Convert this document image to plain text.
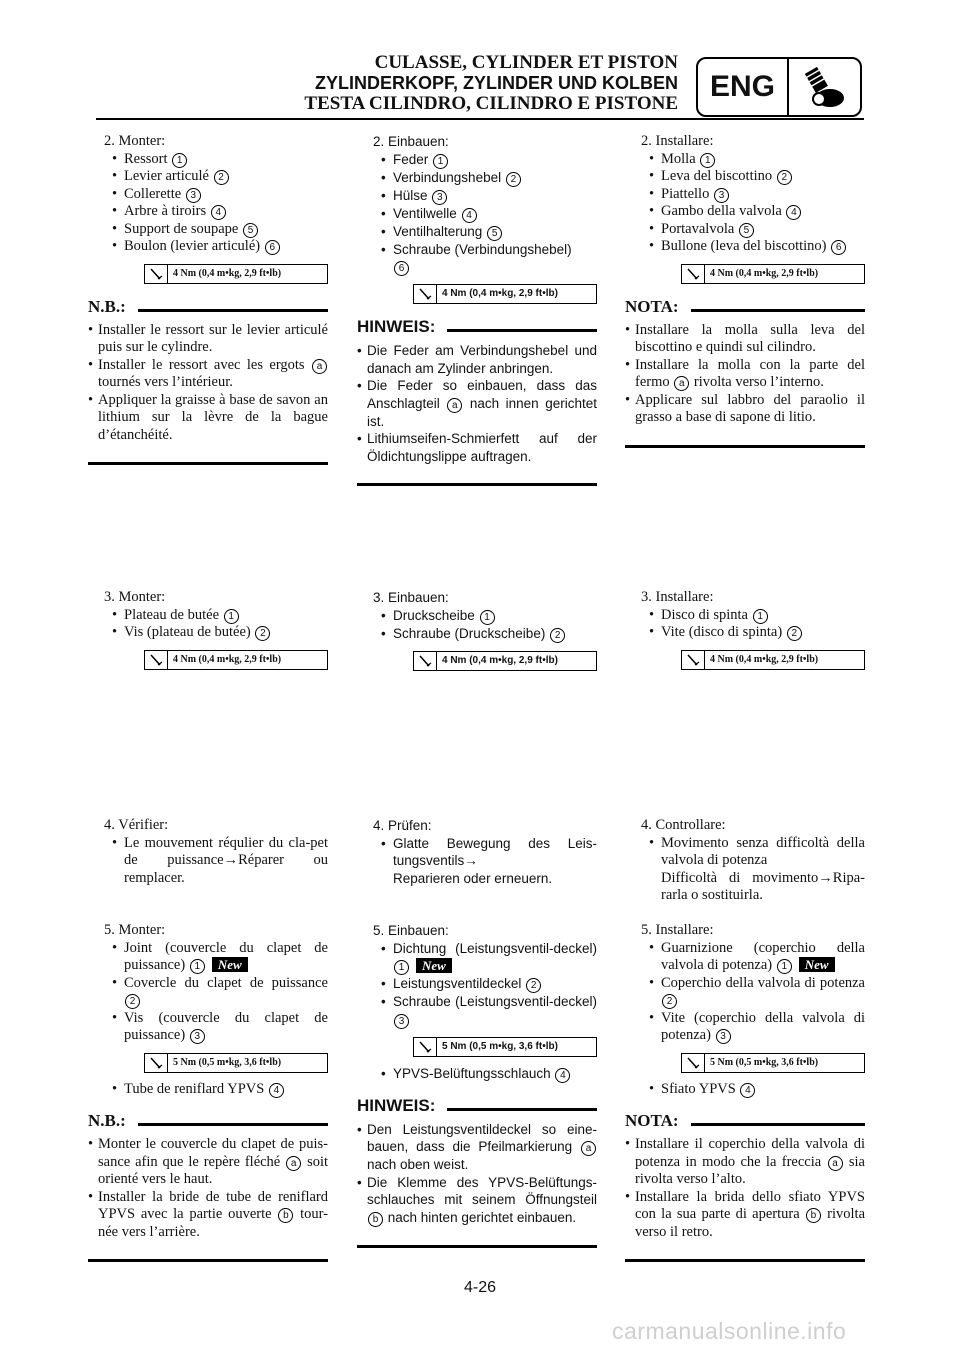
CULASSE, CYLINDER ET PISTON
ZYLINDERKOPF, ZYLINDER UND KOLBEN
TESTA CILINDRO, CILINDRO E PISTONE
ENG
2. Monter:
• Ressort 1
• Levier articulé 2
• Collerette 3
• Arbre à tiroirs 4
• Support de soupape 5
• Boulon (levier articulé) 6
4 Nm (0,4 m•kg, 2,9 ft•lb)
N.B.:
• Installer le ressort sur le levier articulé puis sur le cylindre.
• Installer le ressort avec les ergots a tournés vers l’intérieur.
• Appliquer la graisse à base de savon an lithium sur la lèvre de la bague d’étanchéité.
3. Monter:
• Plateau de butée 1
• Vis (plateau de butée) 2
4 Nm (0,4 m•kg, 2,9 ft•lb)
4. Vérifier:
• Le mouvement réqulier du cla-pet de puissance→Réparer ou remplacer.
5. Monter:
• Joint (couvercle du clapet de puissance) 1 New
• Coverclе du clapet de puissance 2
• Vis (couvercle du clapet de puissance) 3
5 Nm (0,5 m•kg, 3,6 ft•lb)
• Tube de reniflard YPVS 4
N.B.:
• Monter le couvercle du clapet de puis-sance afin que le repère fléché a soit orienté vers le haut.
• Installer la bride de tube de reniflard YPVS avec la partie ouverte b tour-née vers l’arrière.
2. Einbauen:
• Feder 1
• Verbindungshebel 2
• Hülse 3
• Ventilwelle 4
• Ventilhalterung 5
• Schraube (Verbindungshebel)
6
4 Nm (0,4 m•kg, 2,9 ft•lb)
HINWEIS:
• Die Feder am Verbindungshebel und danach am Zylinder anbringen.
• Die Feder so einbauen, dass das Anschlagteil a nach innen gerichtet ist.
• Lithiumseifen-Schmierfett auf der Öldichtungslippe auftragen.
3. Einbauen:
• Druckscheibe 1
• Schraube (Druckscheibe) 2
4 Nm (0,4 m•kg, 2,9 ft•lb)
4. Prüfen:
• Glatte Bewegung des Leis-tungsventils→
Reparieren oder erneuern.
5. Einbauen:
• Dichtung (Leistungsventil-deckel) 1 New
• Leistungsventildeckel 2
• Schraube (Leistungsventil-deckel) 3
5 Nm (0,5 m•kg, 3,6 ft•lb)
• YPVS-Belüftungsschlauch 4
HINWEIS:
• Den Leistungsventildeckel so eine-bauen, dass die Pfeilmarkierung a nach oben weist.
• Die Klemme des YPVS-Belüftungs-schlauches mit seinem Öffnungsteil b nach hinten gerichtet einbauen.
2. Installare:
• Molla 1
• Leva del biscottino 2
• Piattello 3
• Gambo della valvola 4
• Portavalvola 5
• Bullone (leva del biscottino) 6
4 Nm (0,4 m•kg, 2,9 ft•lb)
NOTA:
• Installare la molla sulla leva del biscottino e quindi sul cilindro.
• Installare la molla con la parte del fermo a rivolta verso l’interno.
• Applicare sul labbro del paraolio il grasso a base di sapone di litio.
3. Installare:
• Disco di spinta 1
• Vite (disco di spinta) 2
4 Nm (0,4 m•kg, 2,9 ft•lb)
4. Controllare:
• Movimento senza difficoltà della valvola di potenza
Difficoltà di movimento→Ripa-rarla o sostituirla.
5. Installare:
• Guarnizione (coperchio della valvola di potenza) 1 New
• Coperchio della valvola di potenza 2
• Vite (coperchio della valvola di potenza) 3
5 Nm (0,5 m•kg, 3,6 ft•lb)
• Sfiato YPVS 4
NOTA:
• Installare il coperchio della valvola di potenza in modo che la freccia a sia rivolta verso l’alto.
• Installare la brida dello sfiato YPVS con la sua parte di apertura b rivolta verso il retro.
4-26
carmanualsonline.info
